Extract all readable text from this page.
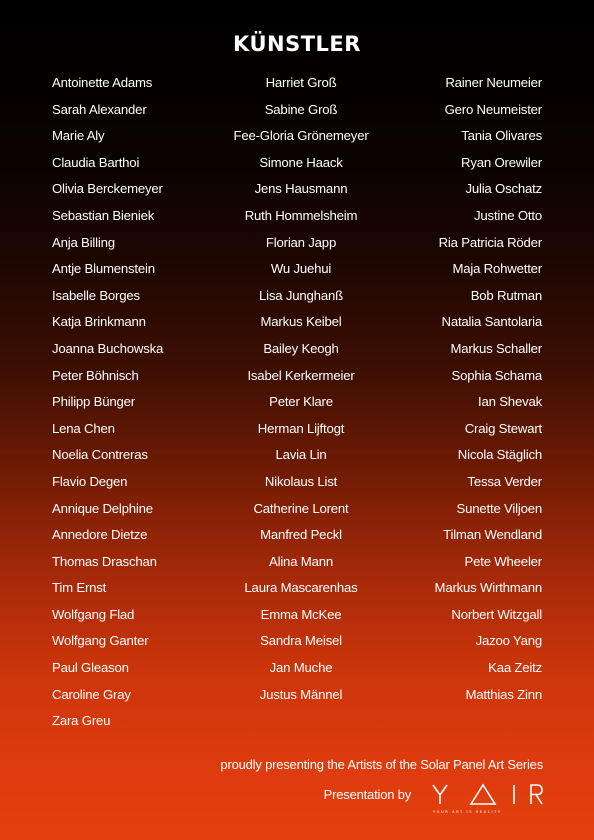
KÜNSTLER
Antoinette Adams
Sarah Alexander
Marie Aly
Claudia Barthoi
Olivia Berckemeyer
Sebastian Bieniek
Anja Billing
Antje Blumenstein
Isabelle Borges
Katja Brinkmann
Joanna Buchowska
Peter Böhnisch
Philipp Bünger
Lena Chen
Noelia Contreras
Flavio Degen
Annique Delphine
Annedore Dietze
Thomas Draschan
Tim Ernst
Wolfgang Flad
Wolfgang Ganter
Paul Gleason
Caroline Gray
Zara Greu
Harriet Groß
Sabine Groß
Fee-Gloria Grönemeyer
Simone Haack
Jens Hausmann
Ruth Hommelsheim
Florian Japp
Wu Juehui
Lisa Junghanß
Markus Keibel
Bailey Keogh
Isabel Kerkermeier
Peter Klare
Herman Lijftogt
Lavia Lin
Nikolaus List
Catherine Lorent
Manfred Peckl
Alina Mann
Laura Mascarenhas
Emma McKee
Sandra Meisel
Jan Muche
Justus Männel
Rainer Neumeier
Gero Neumeister
Tania Olivares
Ryan Orewiler
Julia Oschatz
Justine Otto
Ria Patricia Röder
Maja Rohwetter
Bob Rutman
Natalia Santolaria
Markus Schaller
Sophia Schama
Ian Shevak
Craig Stewart
Nicola Stäglich
Tessa Verder
Sunette Viljoen
Tilman Wendland
Pete Wheeler
Markus Wirthmann
Norbert Witzgall
Jazoo Yang
Kaa Zeitz
Matthias Zinn
proudly presenting the Artists of the Solar Panel Art Series
Presentation by
YOUR ART IS REALITY
